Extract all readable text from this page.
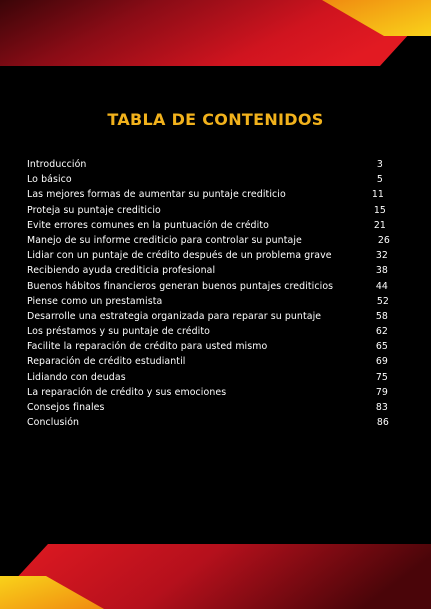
TABLA DE CONTENIDOS
Introducción	3
Lo básico	5
Las mejores formas de aumentar su puntaje crediticio	11
Proteja su puntaje crediticio	15
Evite errores comunes en la puntuación de crédito	21
Manejo de su informe crediticio para controlar su puntaje	26
Lidiar con un puntaje de crédito después de un problema grave	32
Recibiendo ayuda crediticia profesional	38
Buenos hábitos financieros generan buenos puntajes crediticios	44
Piense como un prestamista	52
Desarrolle una estrategia organizada para reparar su puntaje	58
Los préstamos y su puntaje de crédito	62
Facilite la reparación de crédito para usted mismo	65
Reparación de crédito estudiantil	69
Lidiando con deudas	75
La reparación de crédito y sus emociones	79
Consejos finales	83
Conclusión	86
